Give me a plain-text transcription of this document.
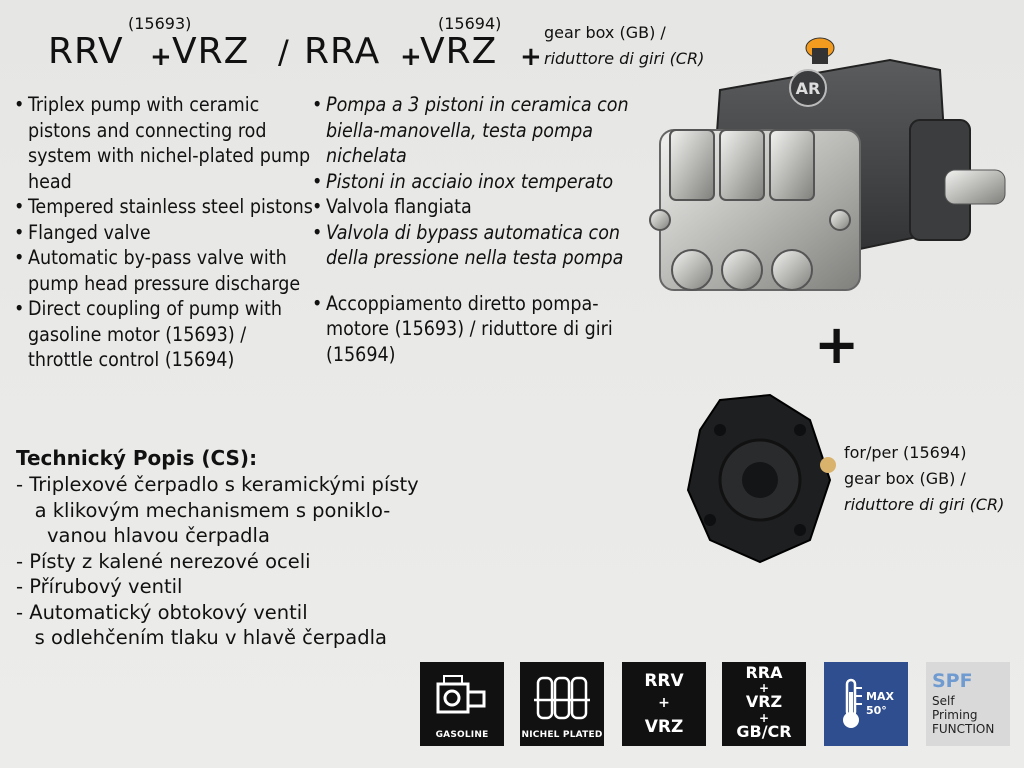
(15693)	(15694)
RRV + VRZ / RRA +
VRZ +
gear box (GB) /
riduttore di giri (CR)
• Triplex pump with ceramic pistons and connecting rod system with nichel-plated pump head
• Tempered stainless steel pistons
• Flanged valve
• Automatic by-pass valve with pump head pressure discharge
• Direct coupling of pump with gasoline motor (15693) / throttle control (15694)
• Pompa a 3 pistoni in ceramica con biella-manovella, testa pompa nichelata
• Pistoni in acciaio inox temperato
• Valvola flangiata
• Valvola di bypass automatica con della pressione nella testa pompa
• Accoppiamento diretto pompa-motore (15693) / riduttore di giri (15694)
Technický Popis (CS):
- Triplexové čerpadlo s keramickými písty
a klikovým mechanismem s poniklo-
vanou hlavou čerpadla
- Písty z kalené nerezové oceli
- Přírubový ventil
- Automatický obtokový ventil
s odlehčením tlaku v hlavě čerpadla
AR
+
for/per (15694)
gear box (GB) /
riduttore di giri (CR)
GASOLINE	NICHEL PLATED
RRV
+
VRZ
RRA
+
VRZ
+
GB/CR
MAX
50°
SPF
Self
Priming
FUNCTION
